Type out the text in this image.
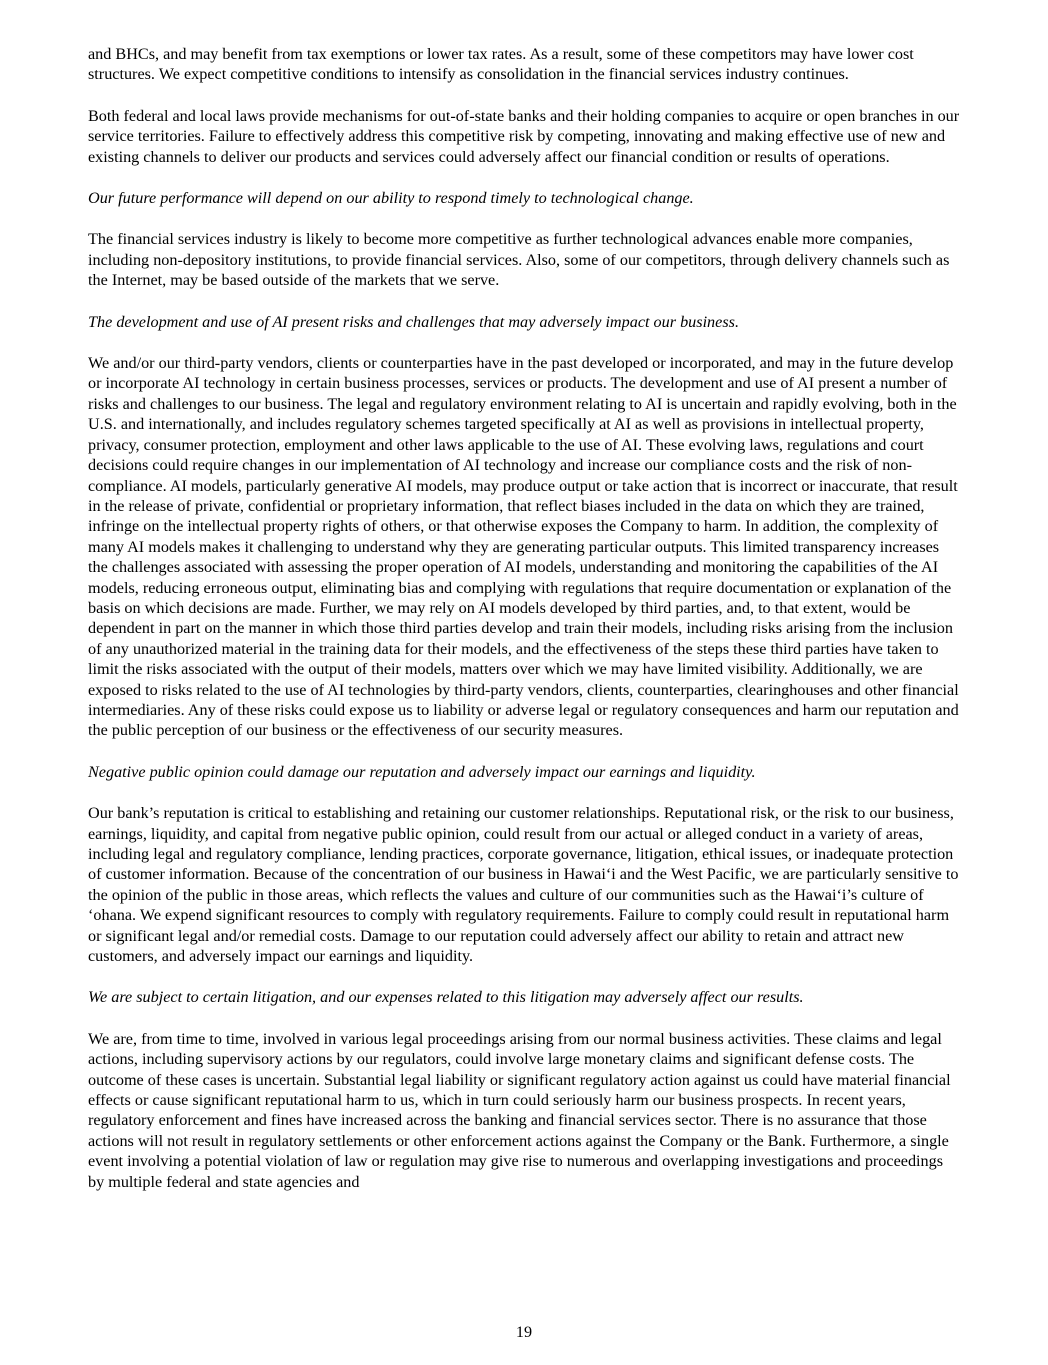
and BHCs, and may benefit from tax exemptions or lower tax rates. As a result, some of these competitors may have lower cost structures. We expect competitive conditions to intensify as consolidation in the financial services industry continues.

Both federal and local laws provide mechanisms for out-of-state banks and their holding companies to acquire or open branches in our service territories. Failure to effectively address this competitive risk by competing, innovating and making effective use of new and existing channels to deliver our products and services could adversely affect our financial condition or results of operations.

Our future performance will depend on our ability to respond timely to technological change.

The financial services industry is likely to become more competitive as further technological advances enable more companies, including non-depository institutions, to provide financial services. Also, some of our competitors, through delivery channels such as the Internet, may be based outside of the markets that we serve.

The development and use of AI present risks and challenges that may adversely impact our business.

We and/or our third-party vendors, clients or counterparties have in the past developed or incorporated, and may in the future develop or incorporate AI technology in certain business processes, services or products. The development and use of AI present a number of risks and challenges to our business. The legal and regulatory environment relating to AI is uncertain and rapidly evolving, both in the U.S. and internationally, and includes regulatory schemes targeted specifically at AI as well as provisions in intellectual property, privacy, consumer protection, employment and other laws applicable to the use of AI. These evolving laws, regulations and court decisions could require changes in our implementation of AI technology and increase our compliance costs and the risk of non-compliance. AI models, particularly generative AI models, may produce output or take action that is incorrect or inaccurate, that result in the release of private, confidential or proprietary information, that reflect biases included in the data on which they are trained, infringe on the intellectual property rights of others, or that otherwise exposes the Company to harm. In addition, the complexity of many AI models makes it challenging to understand why they are generating particular outputs. This limited transparency increases the challenges associated with assessing the proper operation of AI models, understanding and monitoring the capabilities of the AI models, reducing erroneous output, eliminating bias and complying with regulations that require documentation or explanation of the basis on which decisions are made. Further, we may rely on AI models developed by third parties, and, to that extent, would be dependent in part on the manner in which those third parties develop and train their models, including risks arising from the inclusion of any unauthorized material in the training data for their models, and the effectiveness of the steps these third parties have taken to limit the risks associated with the output of their models, matters over which we may have limited visibility. Additionally, we are exposed to risks related to the use of AI technologies by third-party vendors, clients, counterparties, clearinghouses and other financial intermediaries. Any of these risks could expose us to liability or adverse legal or regulatory consequences and harm our reputation and the public perception of our business or the effectiveness of our security measures.

Negative public opinion could damage our reputation and adversely impact our earnings and liquidity.

Our bank’s reputation is critical to establishing and retaining our customer relationships. Reputational risk, or the risk to our business, earnings, liquidity, and capital from negative public opinion, could result from our actual or alleged conduct in a variety of areas, including legal and regulatory compliance, lending practices, corporate governance, litigation, ethical issues, or inadequate protection of customer information. Because of the concentration of our business in Hawai‘i and the West Pacific, we are particularly sensitive to the opinion of the public in those areas, which reflects the values and culture of our communities such as the Hawai‘i’s culture of ‘ohana. We expend significant resources to comply with regulatory requirements. Failure to comply could result in reputational harm or significant legal and/or remedial costs. Damage to our reputation could adversely affect our ability to retain and attract new customers, and adversely impact our earnings and liquidity.

We are subject to certain litigation, and our expenses related to this litigation may adversely affect our results.

We are, from time to time, involved in various legal proceedings arising from our normal business activities. These claims and legal actions, including supervisory actions by our regulators, could involve large monetary claims and significant defense costs. The outcome of these cases is uncertain. Substantial legal liability or significant regulatory action against us could have material financial effects or cause significant reputational harm to us, which in turn could seriously harm our business prospects. In recent years, regulatory enforcement and fines have increased across the banking and financial services sector. There is no assurance that those actions will not result in regulatory settlements or other enforcement actions against the Company or the Bank. Furthermore, a single event involving a potential violation of law or regulation may give rise to numerous and overlapping investigations and proceedings by multiple federal and state agencies and

19
